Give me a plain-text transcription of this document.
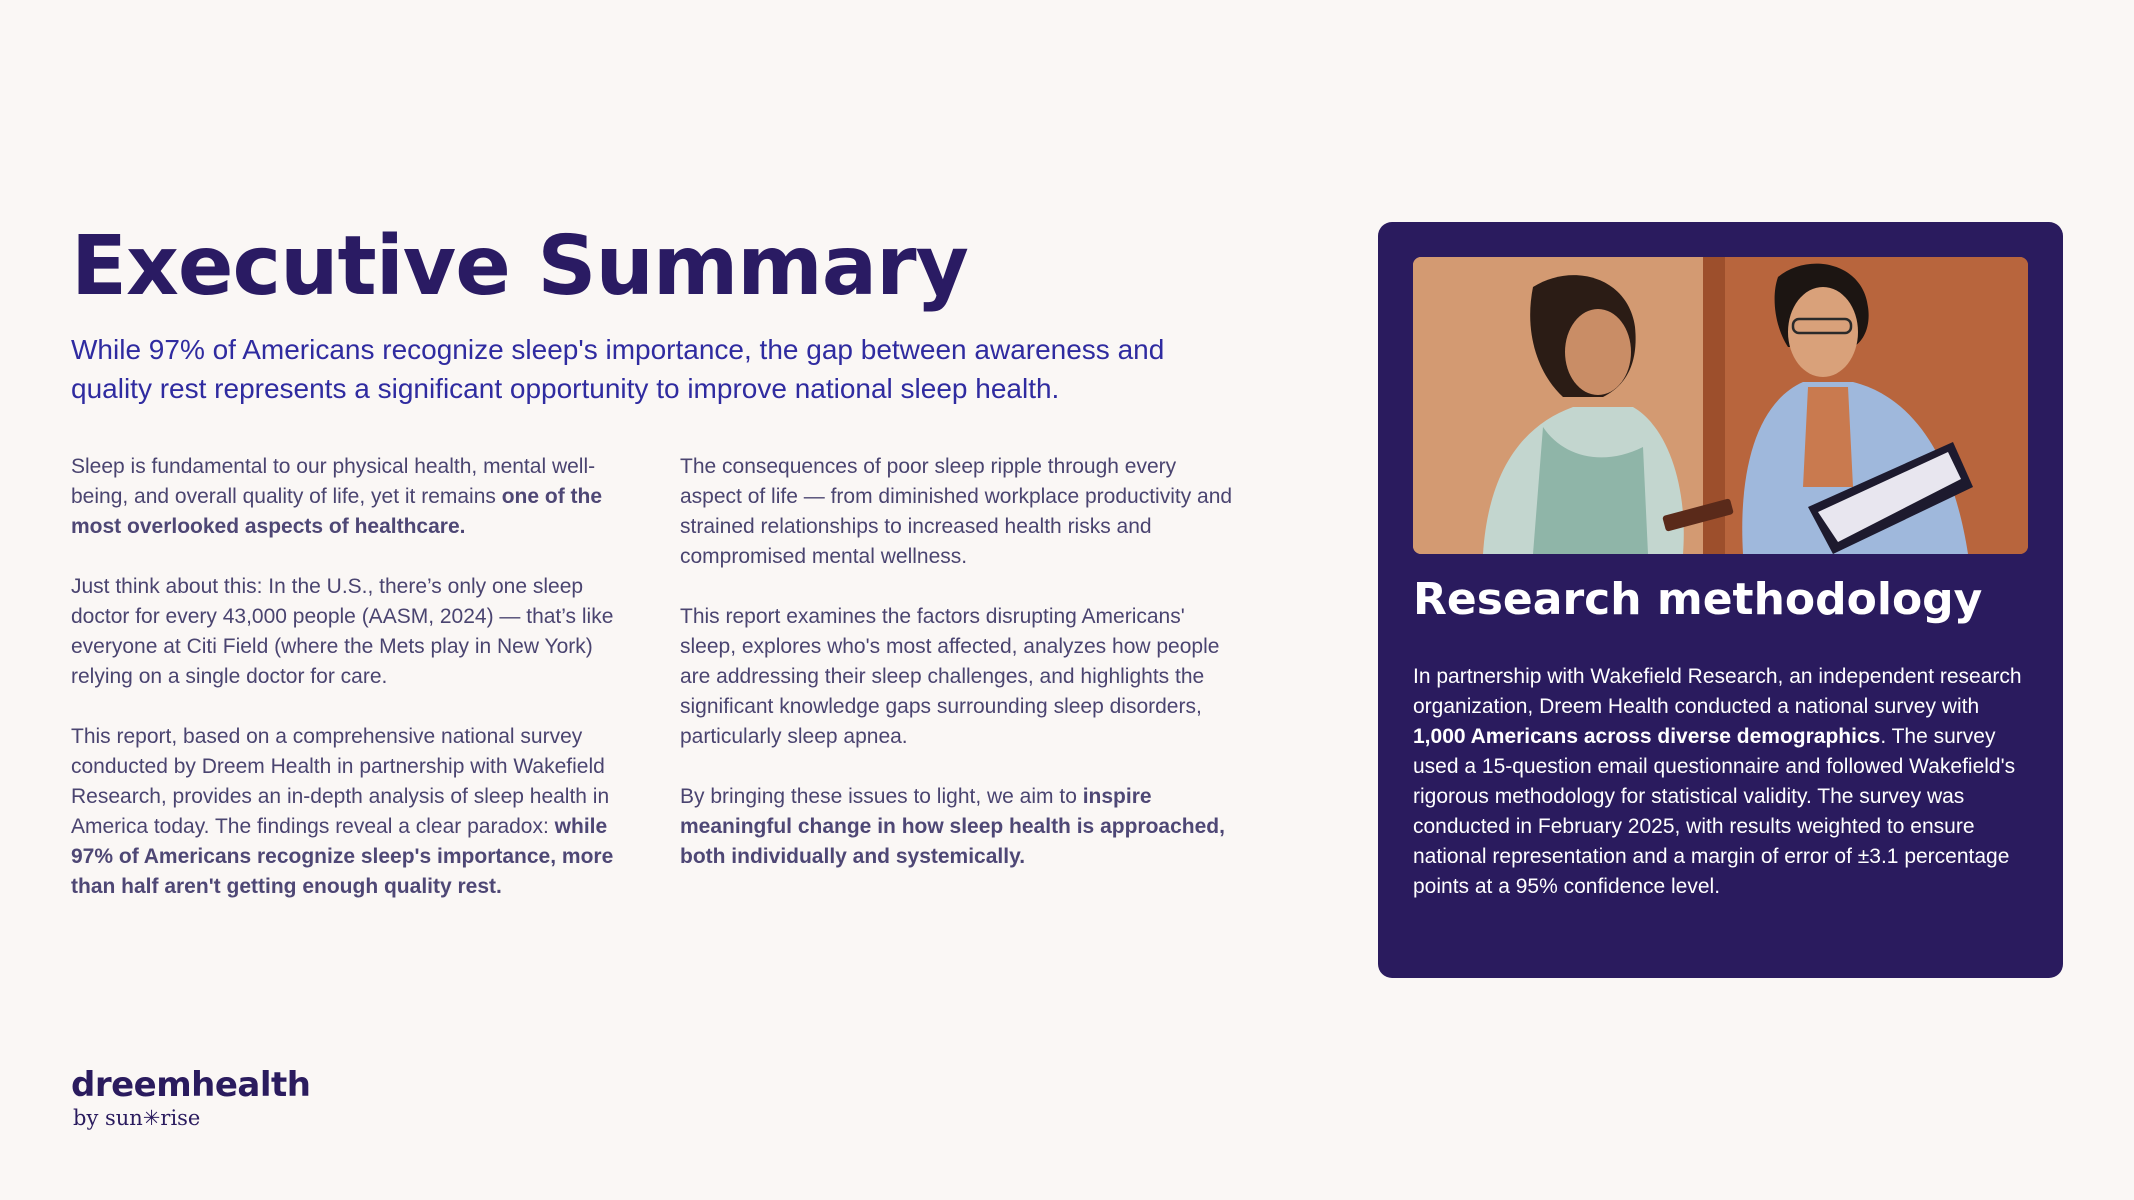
Executive Summary

While 97% of Americans recognize sleep's importance, the gap between awareness and quality rest represents a significant opportunity to improve national sleep health.

Sleep is fundamental to our physical health, mental well-being, and overall quality of life, yet it remains one of the most overlooked aspects of healthcare.

Just think about this: In the U.S., there’s only one sleep doctor for every 43,000 people (AASM, 2024) — that’s like everyone at Citi Field (where the Mets play in New York) relying on a single doctor for care.

This report, based on a comprehensive national survey conducted by Dreem Health in partnership with Wakefield Research, provides an in-depth analysis of sleep health in America today. The findings reveal a clear paradox: while 97% of Americans recognize sleep's importance, more than half aren't getting enough quality rest.

The consequences of poor sleep ripple through every aspect of life — from diminished workplace productivity and strained relationships to increased health risks and compromised mental wellness.

This report examines the factors disrupting Americans' sleep, explores who's most affected, analyzes how people are addressing their sleep challenges, and highlights the significant knowledge gaps surrounding sleep disorders, particularly sleep apnea.

By bringing these issues to light, we aim to inspire meaningful change in how sleep health is approached, both individually and systemically.

Research methodology

In partnership with Wakefield Research, an independent research organization, Dreem Health conducted a national survey with 1,000 Americans across diverse demographics. The survey used a 15-question email questionnaire and followed Wakefield's rigorous methodology for statistical validity. The survey was conducted in February 2025, with results weighted to ensure national representation and a margin of error of ±3.1 percentage points at a 95% confidence level.

dreemhealth
by sun✳rise
